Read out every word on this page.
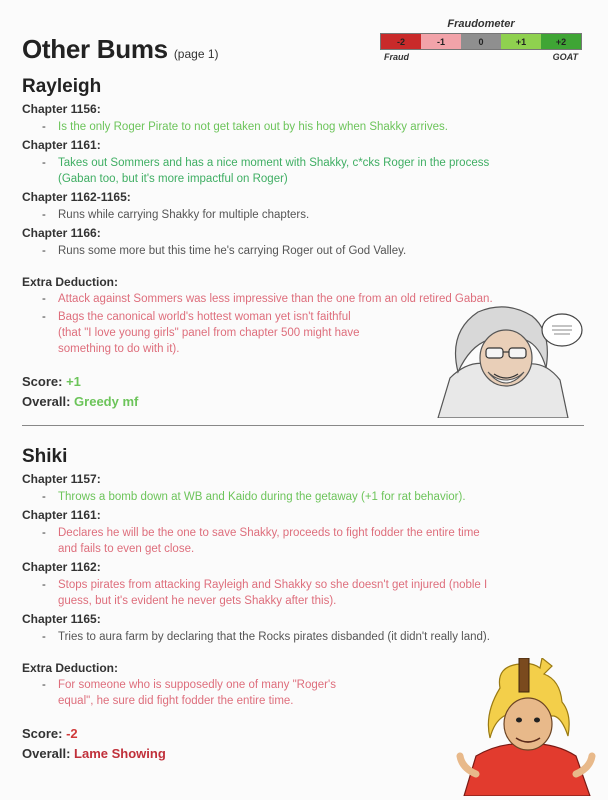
Other Bums (page 1)
Fraudometer
-2	-1	0	+1	+2
Fraud	GOAT
Rayleigh
Chapter 1156:
- Is the only Roger Pirate to not get taken out by his hog when Shakky arrives.
Chapter 1161:
- Takes out Sommers and has a nice moment with Shakky, c*cks Roger in the process
(Gaban too, but it's more impactful on Roger)
Chapter 1162-1165:
- Runs while carrying Shakky for multiple chapters.
Chapter 1166:
- Runs some more but this time he's carrying Roger out of God Valley.
Extra Deduction:
- Attack against Sommers was less impressive than the one from an old retired Gaban.
- Bags the canonical world's hottest woman yet isn't faithful
(that "I love young girls" panel from chapter 500 might have
something to do with it).
Score: +1
Overall: Greedy mf
Shiki
Chapter 1157:
- Throws a bomb down at WB and Kaido during the getaway (+1 for rat behavior).
Chapter 1161:
- Declares he will be the one to save Shakky, proceeds to fight fodder the entire time
and fails to even get close.
Chapter 1162:
- Stops pirates from attacking Rayleigh and Shakky so she doesn't get injured (noble I
guess, but it's evident he never gets Shakky after this).
Chapter 1165:
- Tries to aura farm by declaring that the Rocks pirates disbanded (it didn't really land).
Extra Deduction:
- For someone who is supposedly one of many "Roger's
equal", he sure did fight fodder the entire time.
Score: -2
Overall: Lame Showing
